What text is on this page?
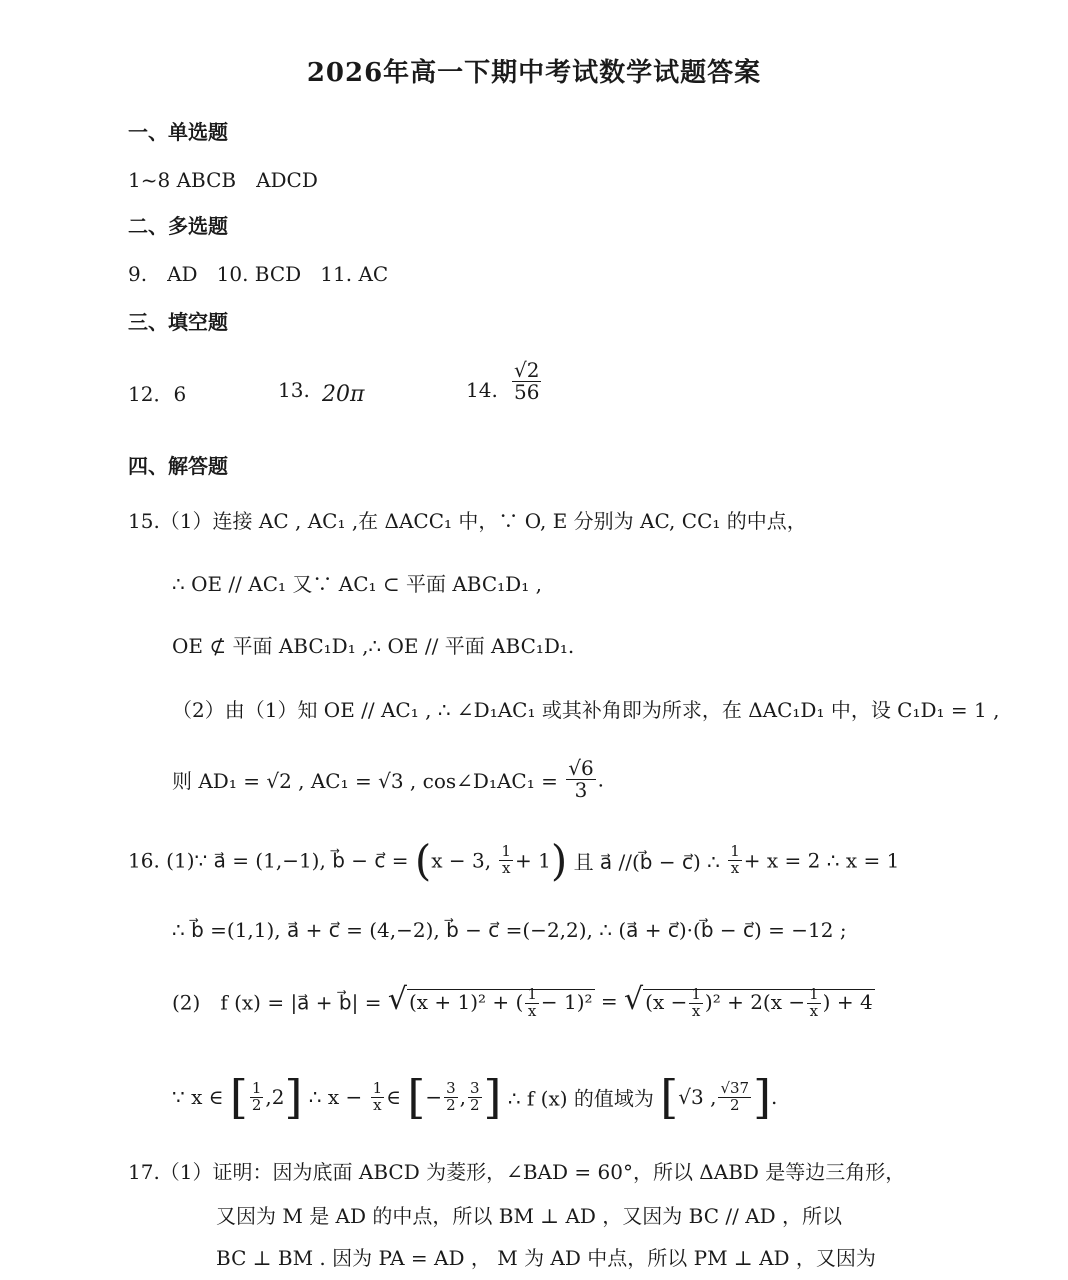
2026年高一下期中考试数学试题答案
一、单选题
1~8 ABCB　ADCD
二、多选题
9.　AD 10. BCD 11. AC
三、填空题
12．6	13. 20π	14. $\frac{√2}{56}$
四、解答题
15.（1）连接 AC , AC₁ ,在 ΔACC₁ 中，∵ O, E 分别为 AC, CC₁ 的中点，
∴ OE // AC₁ 又∵ AC₁ ⊂ 平面 ABC₁D₁ ,
OE ⊄ 平面 ABC₁D₁ ,∴ OE // 平面 ABC₁D₁.
（2）由（1）知 OE // AC₁ , ∴ ∠D₁AC₁ 或其补角即为所求，在 ΔAC₁D₁ 中，设 C₁D₁ = 1 ,
则 AD₁ = √2 , AC₁ = √3 , cos∠D₁AC₁ = $\frac{√6}{3}$ .
16. (1)∵ a⃗ = (1,−1), b⃗ − c⃗ = (x − 3, $\frac{1}{x} + 1$) 且 a⃗ //(b⃗ − c⃗) ∴ $\frac{1}{x} + x = 2$ ∴ x = 1
∴ b⃗ =(1,1), a⃗ + c⃗ = (4,−2), b⃗ − c⃗ =(−2,2), ∴ (a⃗ + c⃗)·(b⃗ − c⃗) = −12 ;
(2)　f (x) = |a⃗ + b⃗| = √ (x + 1)² + ( $\frac{1}{x} - 1)^2$ = √ $(x - \frac{1}{x} )^2 + 2(x - \frac{1}{x}$ ) + 4
∵ x ∈ [ $\frac{1}{2} ,2$] ∴ $x - \frac{1}{x}$ ∈ [− $\frac{3}{2}$ , $\frac{3}{2}$ ] ∴ f (x) 的值域为 [√3 , $\frac{√37}{2}$ ].
17.（1）证明：因为底面 ABCD 为菱形，∠BAD = 60°，所以 ΔABD 是等边三角形，
又因为 M 是 AD 的中点，所以 BM ⊥ AD ，又因为 BC // AD ，所以
BC ⊥ BM . 因为 PA = AD ， M 为 AD 中点，所以 PM ⊥ AD ，又因为
